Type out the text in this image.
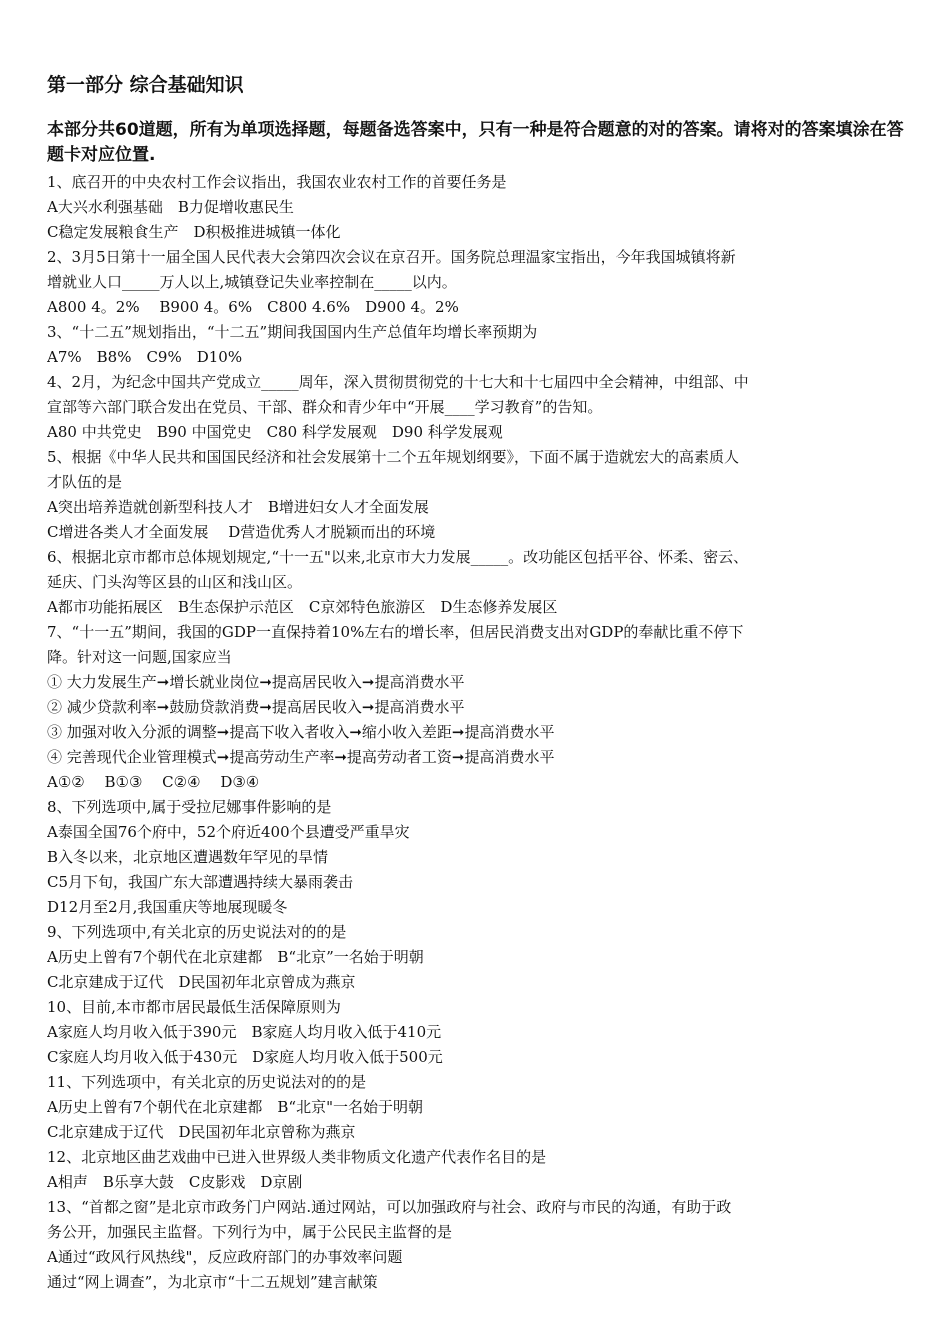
第一部分 综合基础知识
本部分共60道题，所有为单项选择题，每题备选答案中，只有一种是符合题意的对的答案。请将对的答案填涂在答题卡对应位置.
1、底召开的中央农村工作会议指出，我国农业农村工作的首要任务是
A大兴水利强基础　B力促增收惠民生
C稳定发展粮食生产　D积极推进城镇一体化
2、3月5日第十一届全国人民代表大会第四次会议在京召开。国务院总理温家宝指出，今年我国城镇将新
增就业人口_____万人以上,城镇登记失业率控制在_____以内。
A800 4。2%　 B900 4。6%　C800 4.6%　D900 4。2%
3、“十二五”规划指出，“十二五”期间我国国内生产总值年均增长率预期为
A7%　B8%　C9%　D10%
4、2月，为纪念中国共产党成立_____周年，深入贯彻贯彻党的十七大和十七届四中全会精神，中组部、中
宣部等六部门联合发出在党员、干部、群众和青少年中“开展____学习教育”的告知。
A80 中共党史　B90 中国党史　C80 科学发展观　D90 科学发展观
5、根据《中华人民共和国国民经济和社会发展第十二个五年规划纲要》，下面不属于造就宏大的高素质人
才队伍的是
A突出培养造就创新型科技人才　B增进妇女人才全面发展
C增进各类人才全面发展　 D营造优秀人才脱颖而出的环境
6、根据北京市都市总体规划规定,“十一五"以来,北京市大力发展_____。改功能区包括平谷、怀柔、密云、
延庆、门头沟等区县的山区和浅山区。
A都市功能拓展区　B生态保护示范区　C京郊特色旅游区　D生态修养发展区
7、“十一五”期间，我国的GDP一直保持着10%左右的增长率，但居民消费支出对GDP的奉献比重不停下
降。针对这一问题,国家应当
① 大力发展生产➞增长就业岗位➞提高居民收入➞提高消费水平
② 减少贷款利率➞鼓励贷款消费➞提高居民收入➞提高消费水平
③ 加强对收入分派的调整➞提高下收入者收入➞缩小收入差距➞提高消费水平
④ 完善现代企业管理模式➞提高劳动生产率➞提高劳动者工资➞提高消费水平
A①②　 B①③　 C②④　 D③④
8、下列选项中,属于受拉尼娜事件影响的是
A泰国全国76个府中，52个府近400个县遭受严重旱灾
B入冬以来，北京地区遭遇数年罕见的旱情
C5月下旬，我国广东大部遭遇持续大暴雨袭击
D12月至2月,我国重庆等地展现暖冬
9、下列选项中,有关北京的历史说法对的的是
A历史上曾有7个朝代在北京建都　B“北京”一名始于明朝
C北京建成于辽代　D民国初年北京曾成为燕京
10、目前,本市都市居民最低生活保障原则为
A家庭人均月收入低于390元　B家庭人均月收入低于410元
C家庭人均月收入低于430元　D家庭人均月收入低于500元
11、下列选项中，有关北京的历史说法对的的是
A历史上曾有7个朝代在北京建都　B“北京"一名始于明朝
C北京建成于辽代　D民国初年北京曾称为燕京
12、北京地区曲艺戏曲中已进入世界级人类非物质文化遗产代表作名目的是
A相声　B乐享大鼓　C皮影戏　D京剧
13、“首都之窗”是北京市政务门户网站.通过网站，可以加强政府与社会、政府与市民的沟通，有助于政
务公开，加强民主监督。下列行为中，属于公民民主监督的是
A通过“政风行风热线"，反应政府部门的办事效率问题
通过“网上调查”，为北京市“十二五规划”建言献策
